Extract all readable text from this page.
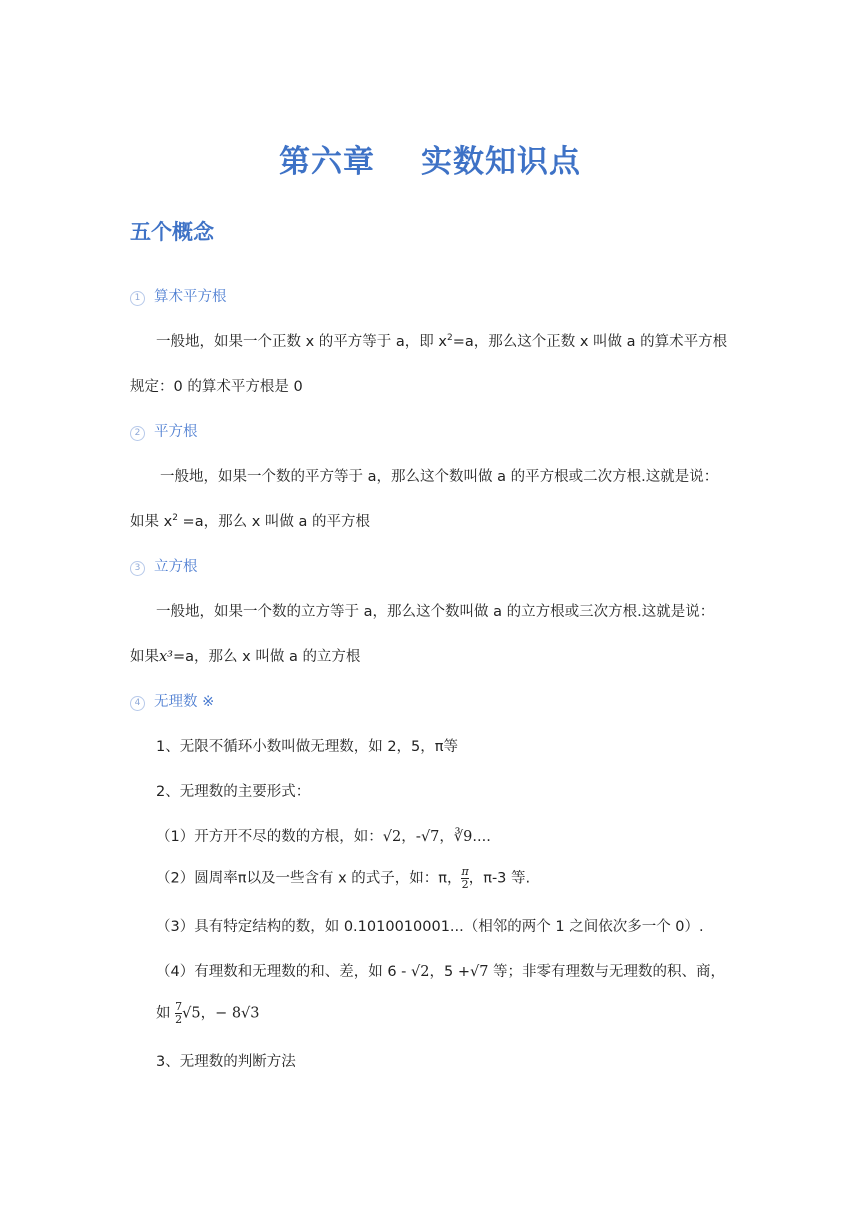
第六章 实数知识点
五个概念
1 算术平方根
一般地，如果一个正数 x 的平方等于 a，即 $x^2=a$，那么这个正数 x 叫做 a 的算术平方根
规定：0 的算术平方根是 0
2 平方根
一般地，如果一个数的平方等于 a，那么这个数叫做 a 的平方根或二次方根.这就是说：
如果 $x^2 =a$，那么 x 叫做 a 的平方根
3 立方根
一般地，如果一个数的立方等于 a，那么这个数叫做 a 的立方根或三次方根.这就是说：
如果x³=a，那么 x 叫做 a 的立方根
4 无理数 ※
1、无限不循环小数叫做无理数，如 2，5，π等
2、无理数的主要形式：
（1）开方开不尽的数的方根，如：√2，-√7，∛9....
（2）圆周率π以及一些含有 x 的式子，如：π， $\frac{\pi}{2}$ ，π-3 等.
（3）具有特定结构的数，如 0.1010010001...（相邻的两个 1 之间依次多一个 0）.
（4）有理数和无理数的和、差，如 6 - √2，5 +√7 等；非零有理数与无理数的积、商，
如 $\frac{7}{2} √5$，− 8√3
3、无理数的判断方法
